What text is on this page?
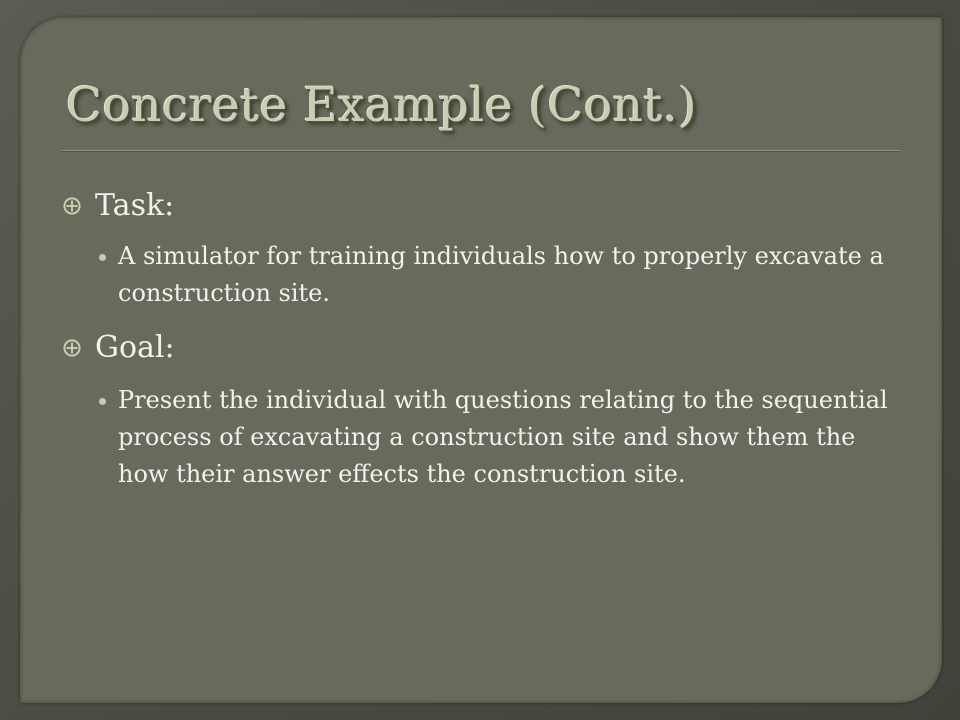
Concrete Example (Cont.)
Task:
A simulator for training individuals how to properly excavate a construction site.
Goal:
Present the individual with questions relating to the sequential process of excavating a construction site and show them the how their answer effects the construction site.
